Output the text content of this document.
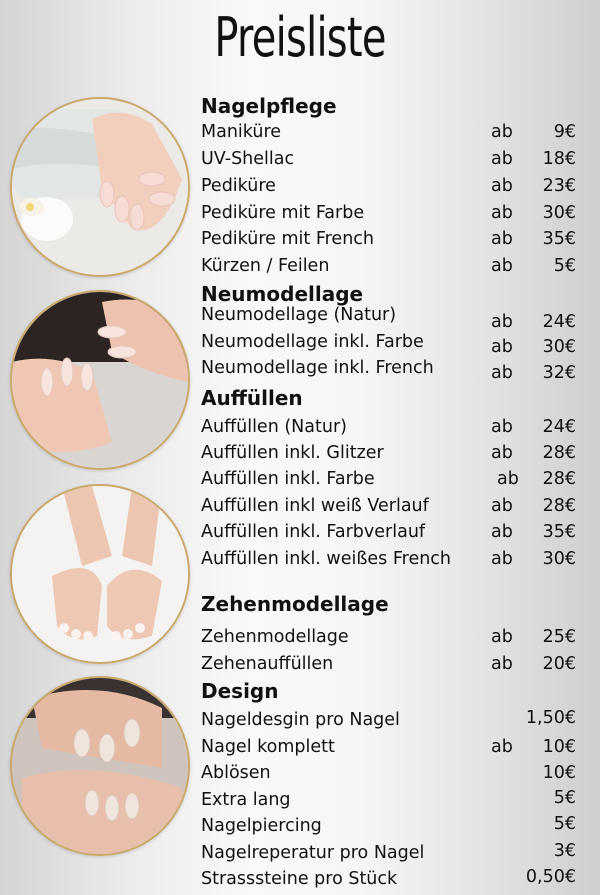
Preisliste
Nagelpflege
Maniküre	ab 9€
UV-Shellac	ab 18€
Pediküre	ab 23€
Pediküre mit Farbe	ab 30€
Pediküre mit French	ab 35€
Kürzen / Feilen	ab 5€
Neumodellage
Neumodellage (Natur)	ab 24€
Neumodellage inkl. Farbe	ab 30€
Neumodellage inkl. French	ab 32€
Auffüllen
Auffüllen (Natur)	ab 24€
Auffüllen inkl. Glitzer	ab 28€
Auffüllen inkl. Farbe	ab 28€
Auffüllen inkl weiß Verlauf	ab 28€
Auffüllen inkl. Farbverlauf	ab 35€
Auffüllen inkl. weißes French ab 30€
Zehenmodellage
Zehenmodellage	ab 25€
Zehenauffüllen	ab 20€
Design
Nageldesgin pro Nagel	1,50€
Nagel komplett	ab 10€
Ablösen	10€
Extra lang	5€
Nagelpiercing	5€
Nagelreperatur pro Nagel	3€
Strasssteine pro Stück	0,50€
